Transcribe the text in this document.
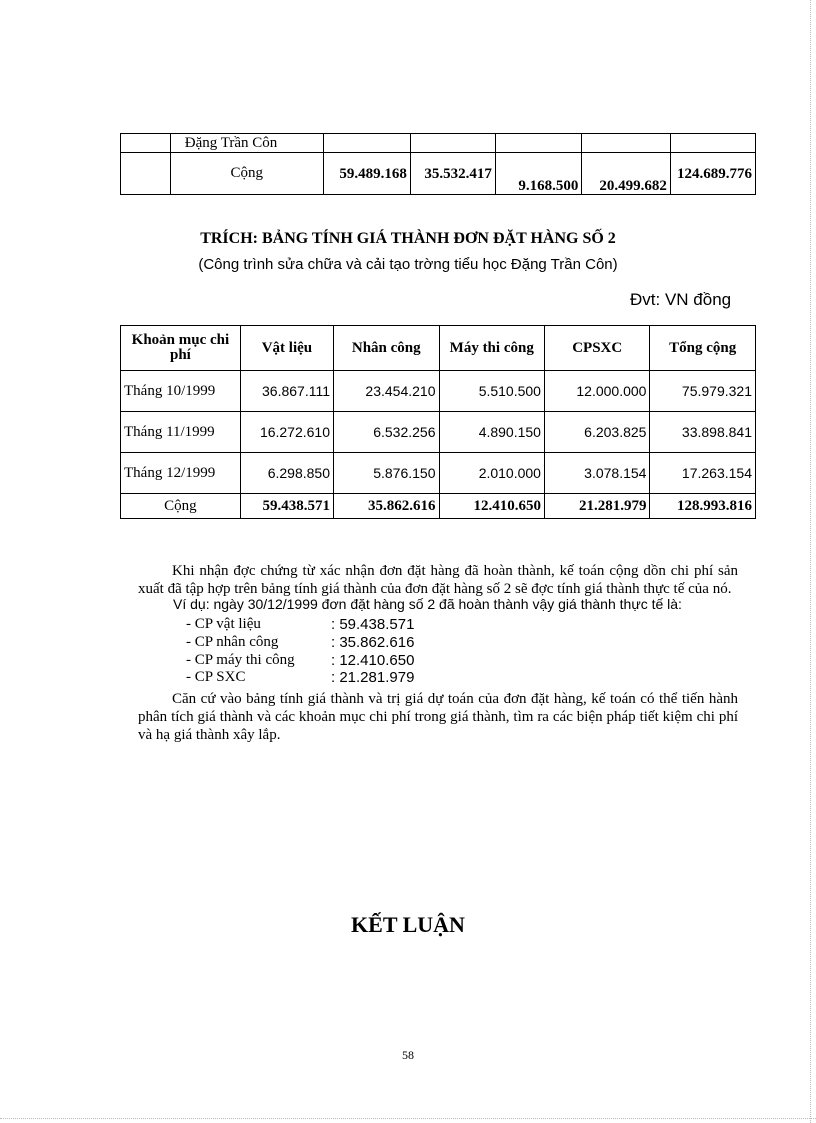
	Đặng Trần Côn					
	Cộng	59.489.168	35.532.417	9.168.500	20.499.682	124.689.776
TRÍCH: BẢNG TÍNH GIÁ THÀNH ĐƠN ĐẶT HÀNG SỐ 2
(Công trình sửa chữa và cải tạo trờng tiểu học Đặng Trần Côn)
Đvt: VN đồng
Khoản mục chi phí	Vật liệu	Nhân công	Máy thi công	CPSXC	Tổng cộng
Tháng 10/1999	36.867.111	23.454.210	5.510.500	12.000.000	75.979.321
Tháng 11/1999	16.272.610	6.532.256	4.890.150	6.203.825	33.898.841
Tháng 12/1999	6.298.850	5.876.150	2.010.000	3.078.154	17.263.154
Cộng	59.438.571	35.862.616	12.410.650	21.281.979	128.993.816
Khi nhận đợc chứng từ xác nhận đơn đặt hàng đã hoàn thành, kế toán cộng dồn chi phí sản xuất đã tập hợp trên bảng tính giá thành của đơn đặt hàng số 2 sẽ đợc tính giá thành thực tế của nó.
Ví dụ: ngày 30/12/1999 đơn đặt hàng số 2 đã hoàn thành vậy giá thành thực tế là:
- CP vật liệu	: 59.438.571
- CP nhân công	: 35.862.616
- CP máy thi công : 12.410.650
- CP SXC	: 21.281.979
Căn cứ vào bảng tính giá thành và trị giá dự toán của đơn đặt hàng, kế toán có thể tiến hành phân tích giá thành và các khoản mục chi phí trong giá thành, tìm ra các biện pháp tiết kiệm chi phí và hạ giá thành xây lắp.
KẾT LUẬN
58
